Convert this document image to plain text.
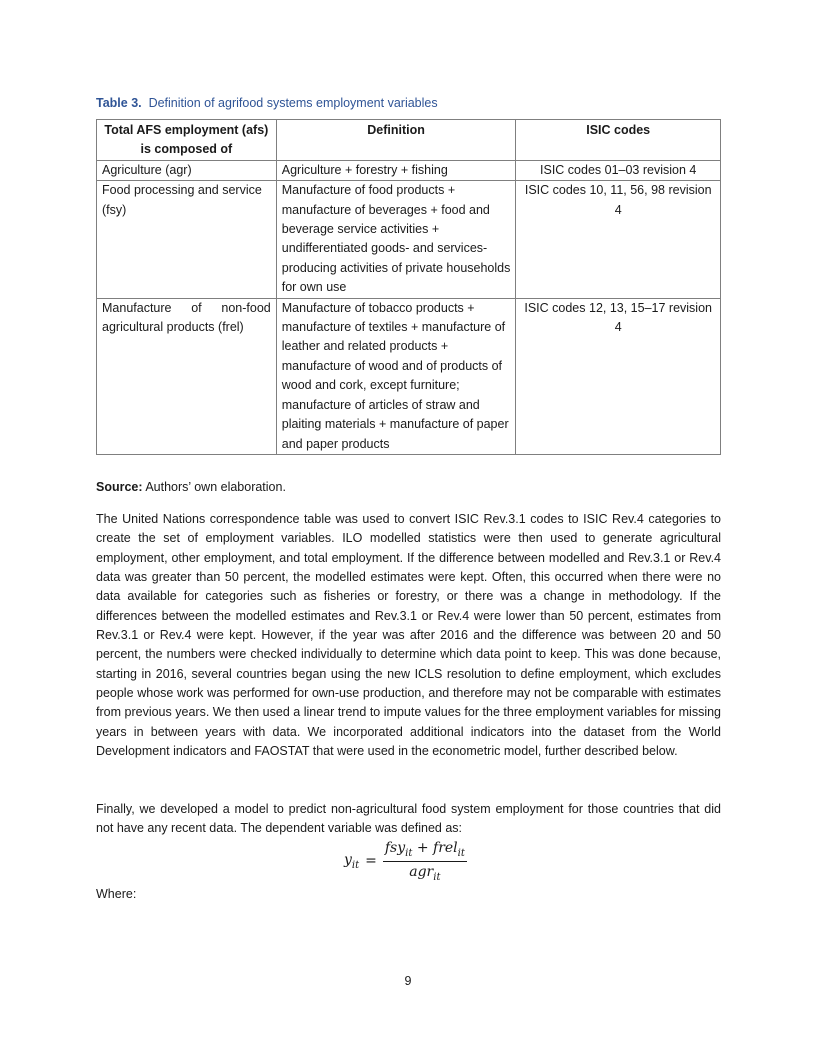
Table 3. Definition of agrifood systems employment variables
Total AFS employment (afs) is composed of	Definition	ISIC codes
Agriculture (agr)	Agriculture + forestry + fishing	ISIC codes 01–03 revision 4
Food processing and service (fsy)	Manufacture of food products + manufacture of beverages + food and beverage service activities + undifferentiated goods- and services-producing activities of private households for own use	ISIC codes 10, 11, 56, 98 revision 4
Manufacture of non-food agricultural products (frel)	Manufacture of tobacco products + manufacture of textiles + manufacture of leather and related products + manufacture of wood and of products of wood and cork, except furniture; manufacture of articles of straw and plaiting materials + manufacture of paper and paper products	ISIC codes 12, 13, 15–17 revision 4
Source: Authors’ own elaboration.

The United Nations correspondence table was used to convert ISIC Rev.3.1 codes to ISIC Rev.4 categories to create the set of employment variables. ILO modelled statistics were then used to generate agricultural employment, other employment, and total employment. If the difference between modelled and Rev.3.1 or Rev.4 data was greater than 50 percent, the modelled estimates were kept. Often, this occurred when there were no data available for categories such as fisheries or forestry, or there was a change in methodology. If the differences between the modelled estimates and Rev.3.1 or Rev.4 were lower than 50 percent, estimates from Rev.3.1 or Rev.4 were kept. However, if the year was after 2016 and the difference was between 20 and 50 percent, the numbers were checked individually to determine which data point to keep. This was done because, starting in 2016, several countries began using the new ICLS resolution to define employment, which excludes people whose work was performed for own-use production, and therefore may not be comparable with estimates from previous years. We then used a linear trend to impute values for the three employment variables for missing years in between years with data. We incorporated additional indicators into the dataset from the World Development indicators and FAOSTAT that were used in the econometric model, further described below.

Finally, we developed a model to predict non-agricultural food system employment for those countries that did not have any recent data. The dependent variable was defined as:

$y_{it} = \frac{fsy_{it} + frel_{it}}{agr_{it}}$
Where:
9
